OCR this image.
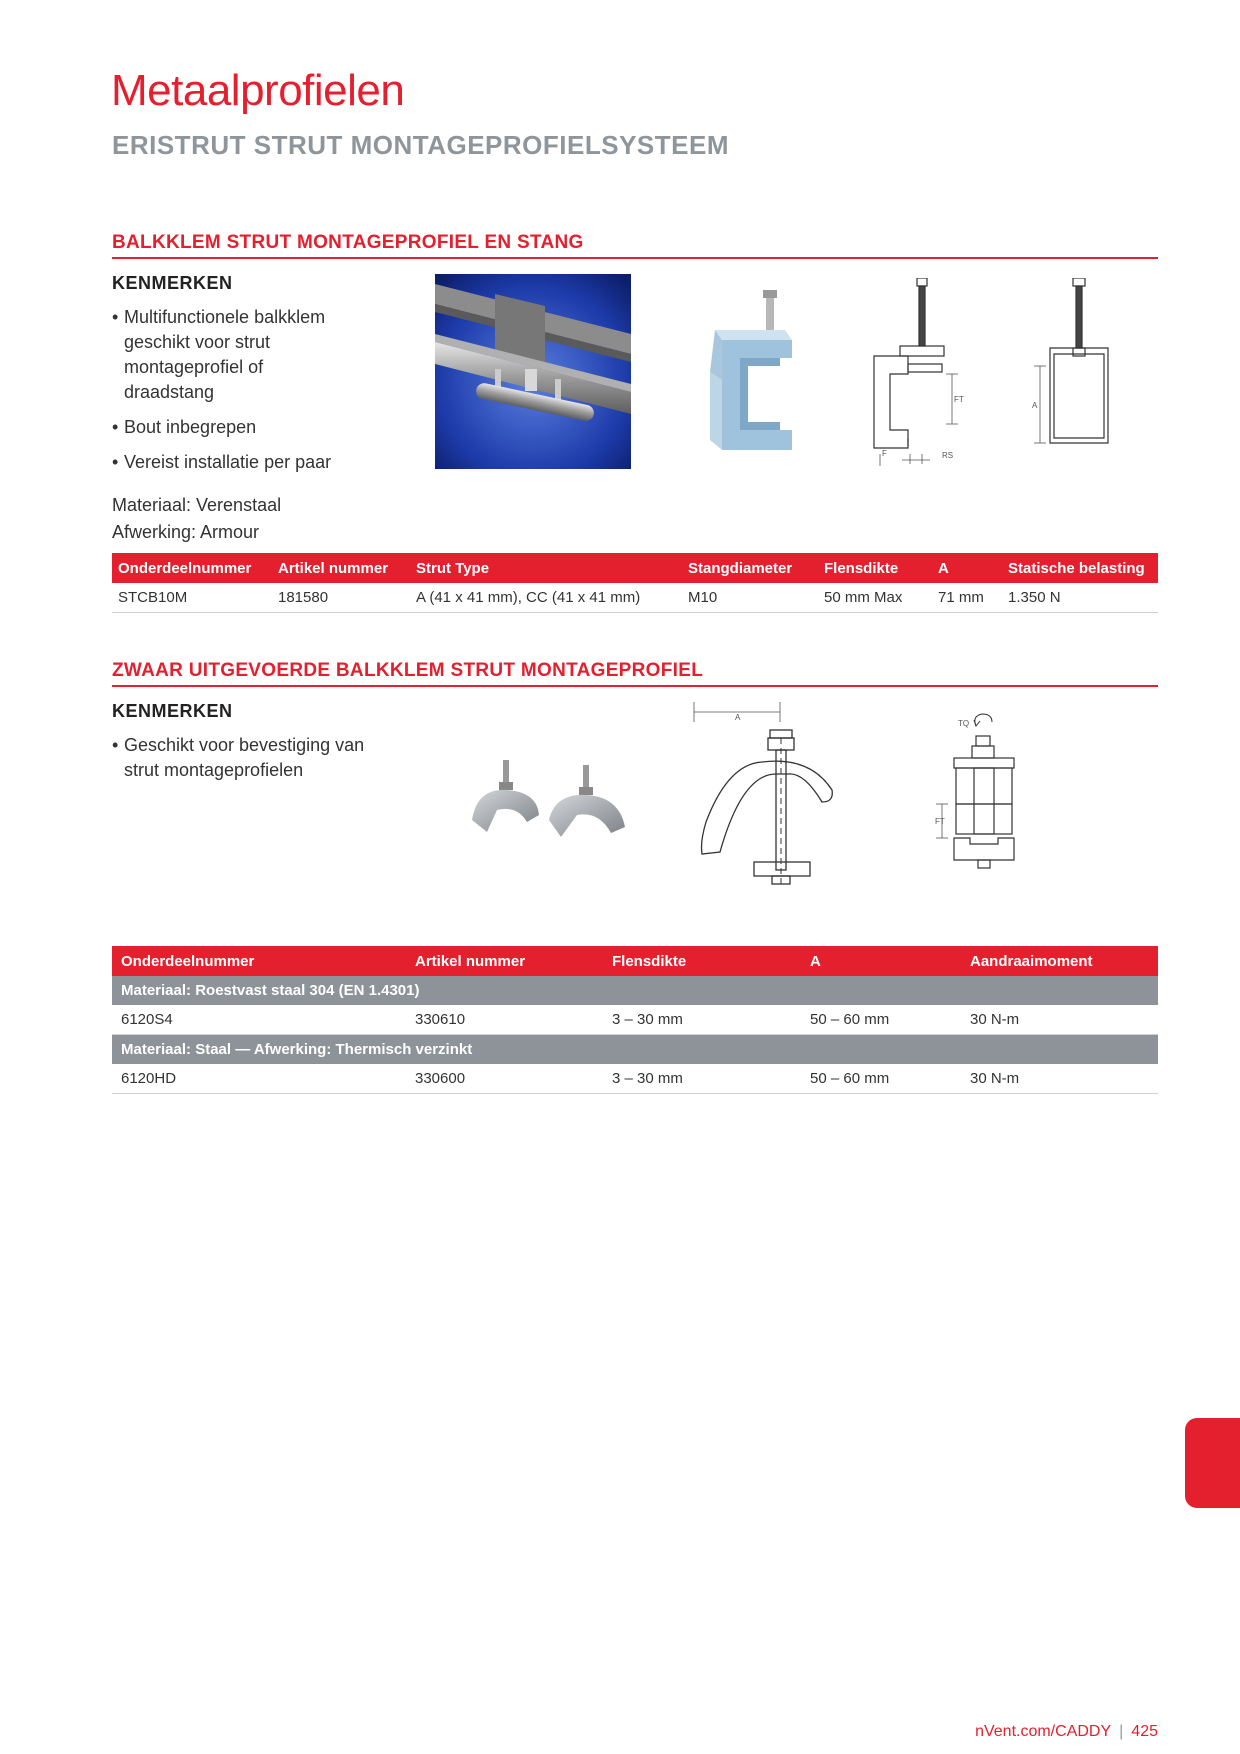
Metaalprofielen
ERISTRUT STRUT MONTAGEPROFIELSYSTEEM
BALKKLEM STRUT MONTAGEPROFIEL EN STANG
KENMERKEN
• Multifunctionele balkklem geschikt voor strut montageprofiel of draadstang
• Bout inbegrepen
• Vereist installatie per paar
Materiaal: Verenstaal
Afwerking: Armour
FT
F	RS
A
Onderdeelnummer	Artikel nummer	Strut Type	Stangdiameter	Flensdikte	A	Statische belasting
STCB10M	181580	A (41 x 41 mm), CC (41 x 41 mm)	M10	50 mm Max	71 mm	1.350 N
ZWAAR UITGEVOERDE BALKKLEM STRUT MONTAGEPROFIEL
KENMERKEN
• Geschikt voor bevestiging van strut montageprofielen
A
TQ
FT
Onderdeelnummer	Artikel nummer	Flensdikte	A	Aandraaimoment
Materiaal: Roestvast staal 304 (EN 1.4301)				
6120S4	330610	3 – 30 mm	50 – 60 mm	30 N-m
Materiaal: Staal — Afwerking: Thermisch verzinkt				
6120HD	330600	3 – 30 mm	50 – 60 mm	30 N-m
nVent.com/CADDY | 425
